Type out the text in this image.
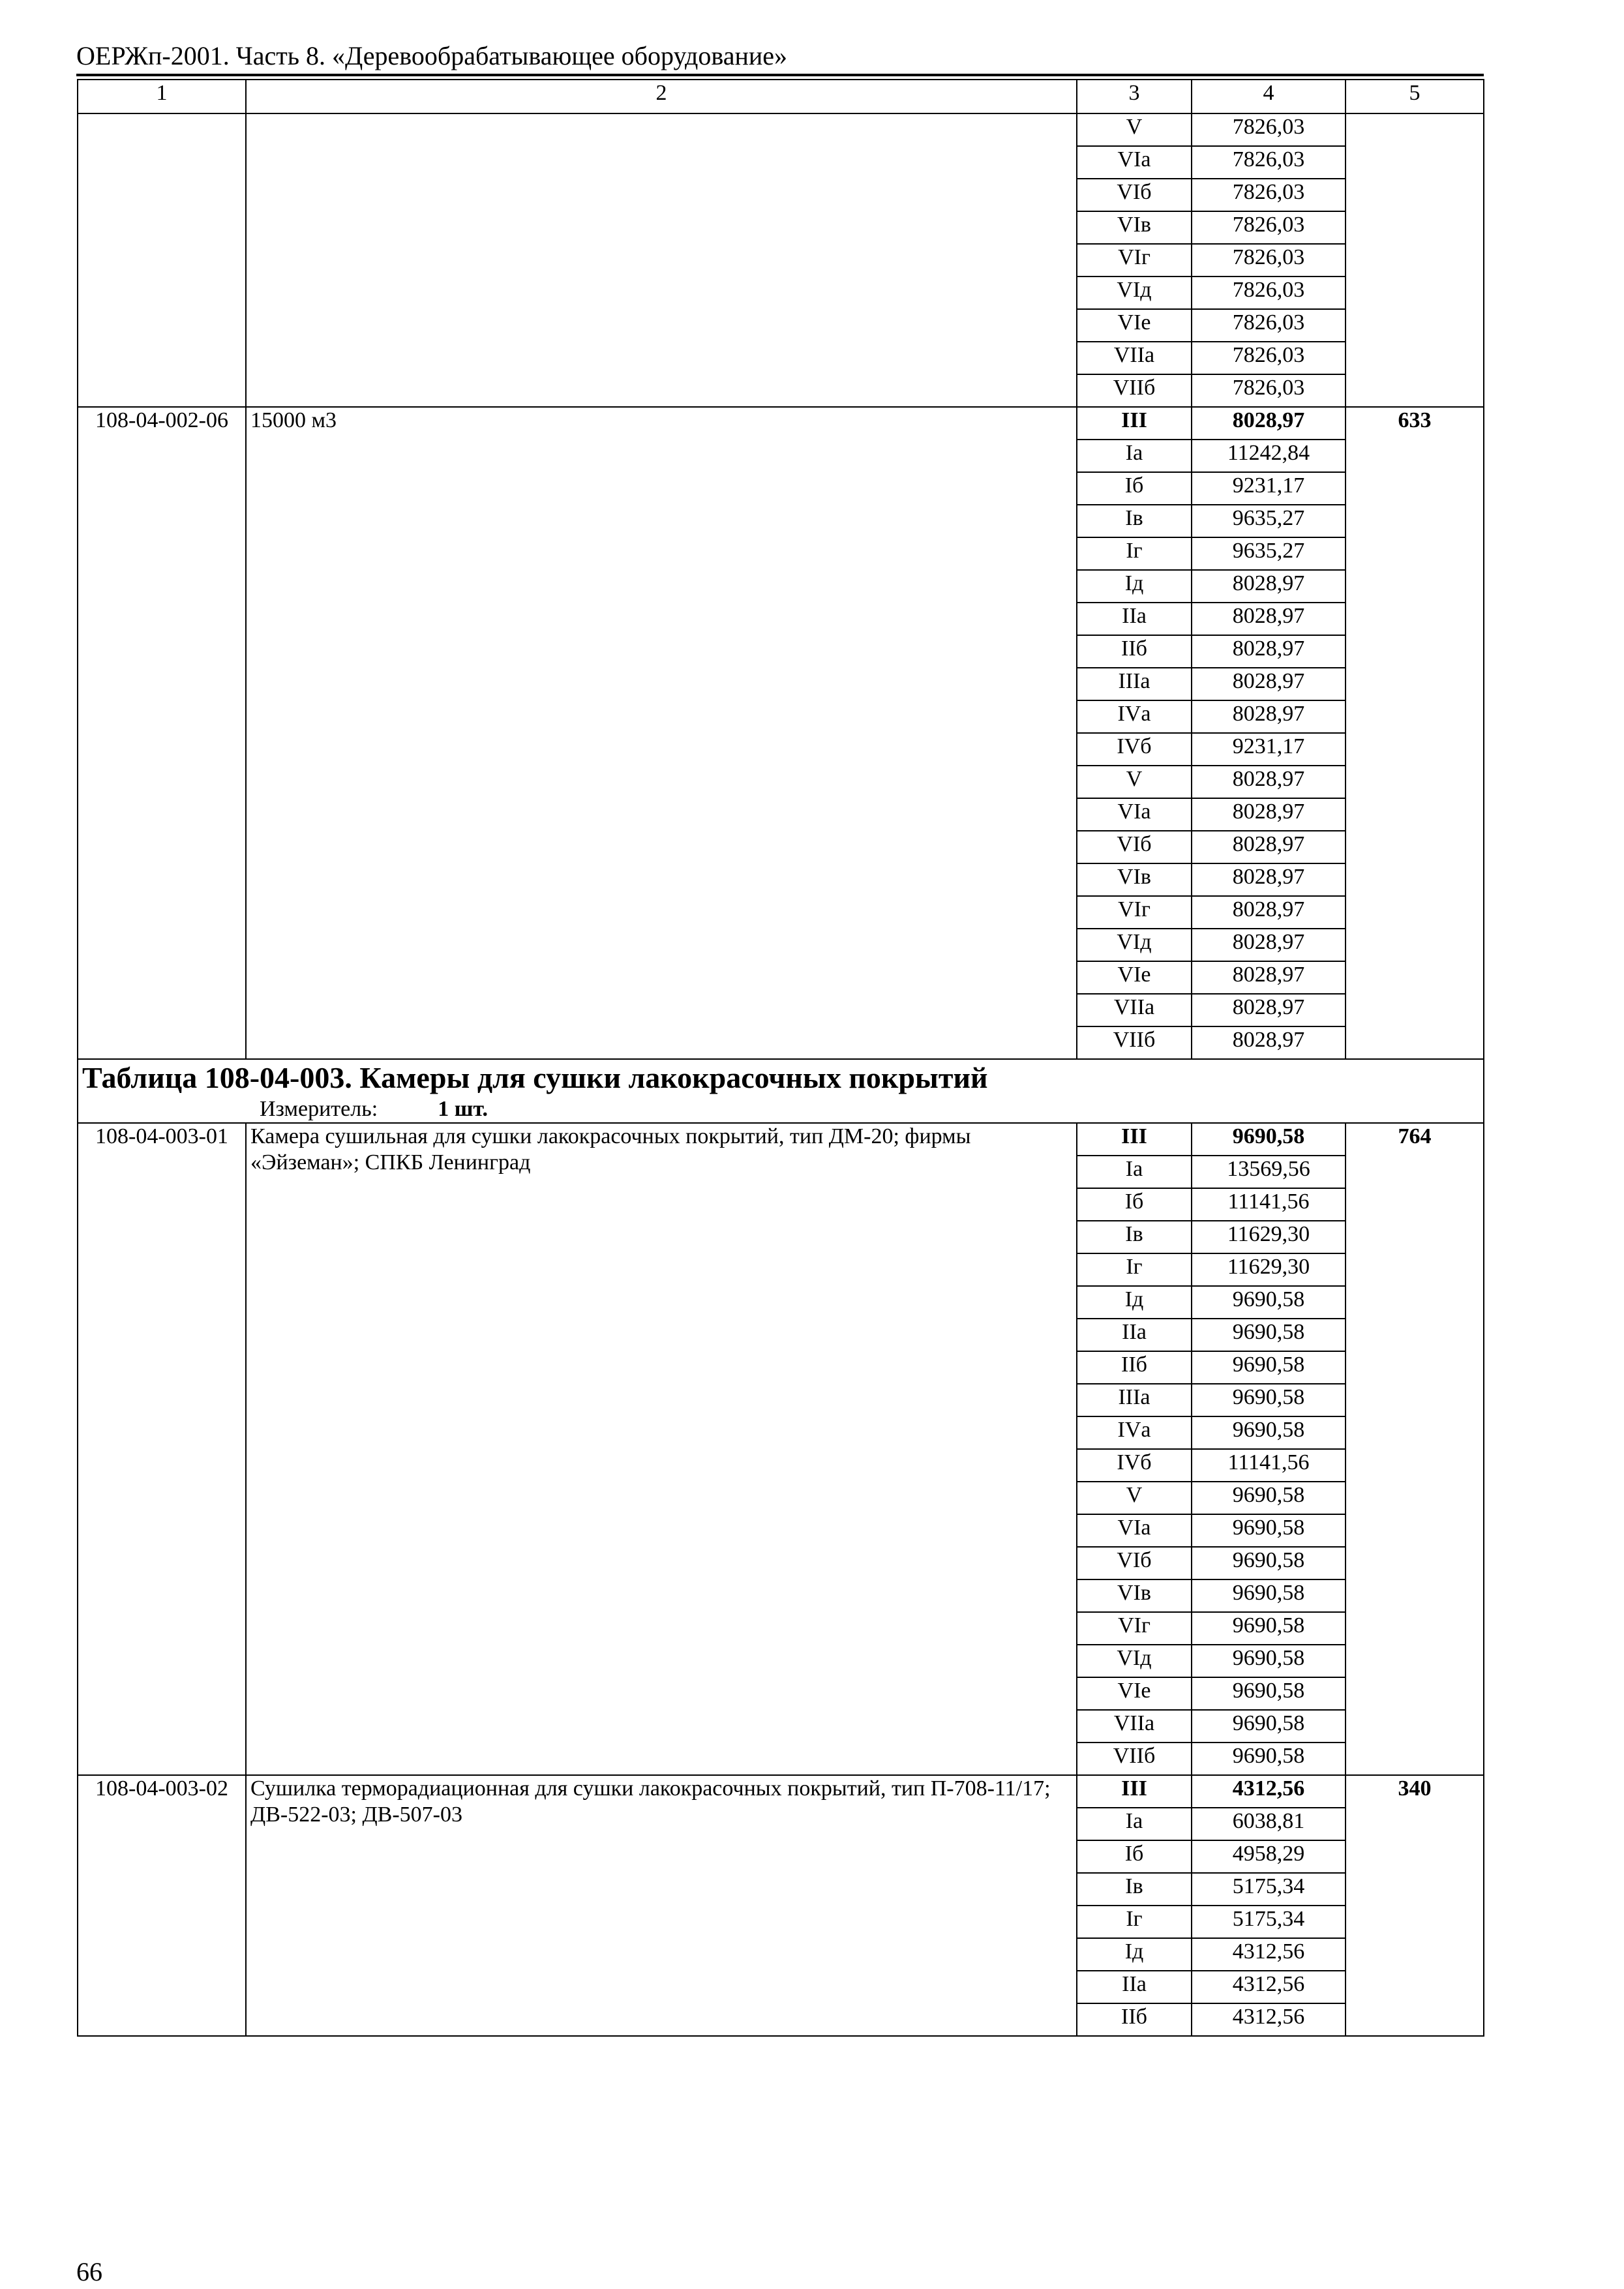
ОЕРЖп-2001. Часть 8. «Деревообрабатывающее оборудование»
1	2	3	4	5
		V	7826,03	
		VIа	7826,03	
		VIб	7826,03	
		VIв	7826,03	
		VIг	7826,03	
		VIд	7826,03	
		VIе	7826,03	
		VIIа	7826,03	
		VIIб	7826,03	
108-04-002-06	15000 м3	III	8028,97	633
		Iа	11242,84	
		Iб	9231,17	
		Iв	9635,27	
		Iг	9635,27	
		Iд	8028,97	
		IIа	8028,97	
		IIб	8028,97	
		IIIа	8028,97	
		IVа	8028,97	
		IVб	9231,17	
		V	8028,97	
		VIа	8028,97	
		VIб	8028,97	
		VIв	8028,97	
		VIг	8028,97	
		VIд	8028,97	
		VIе	8028,97	
		VIIа	8028,97	
		VIIб	8028,97	

Таблица 108-04-003. Камеры для сушки лакокрасочных покрытий
Измеритель: 1 шт.				

108-04-003-01	Камера сушильная для сушки лакокрасочных покрытий, тип ДМ-20; фирмы «Эйземан»; СПКБ Ленинград	III	9690,58	764
		Iа	13569,56	
		Iб	11141,56	
		Iв	11629,30	
		Iг	11629,30	
		Iд	9690,58	
		IIа	9690,58	
		IIб	9690,58	
		IIIа	9690,58	
		IVа	9690,58	
		IVб	11141,56	
		V	9690,58	
		VIа	9690,58	
		VIб	9690,58	
		VIв	9690,58	
		VIг	9690,58	
		VIд	9690,58	
		VIе	9690,58	
		VIIа	9690,58	
		VIIб	9690,58	
108-04-003-02	Сушилка терморадиационная для сушки лакокрасочных покрытий, тип П-708-11/17; ДВ-522-03; ДВ-507-03	III	4312,56	340
		Iа	6038,81	
		Iб	4958,29	
		Iв	5175,34	
		Iг	5175,34	
		Iд	4312,56	
		IIа	4312,56	
		IIб	4312,56	
66
